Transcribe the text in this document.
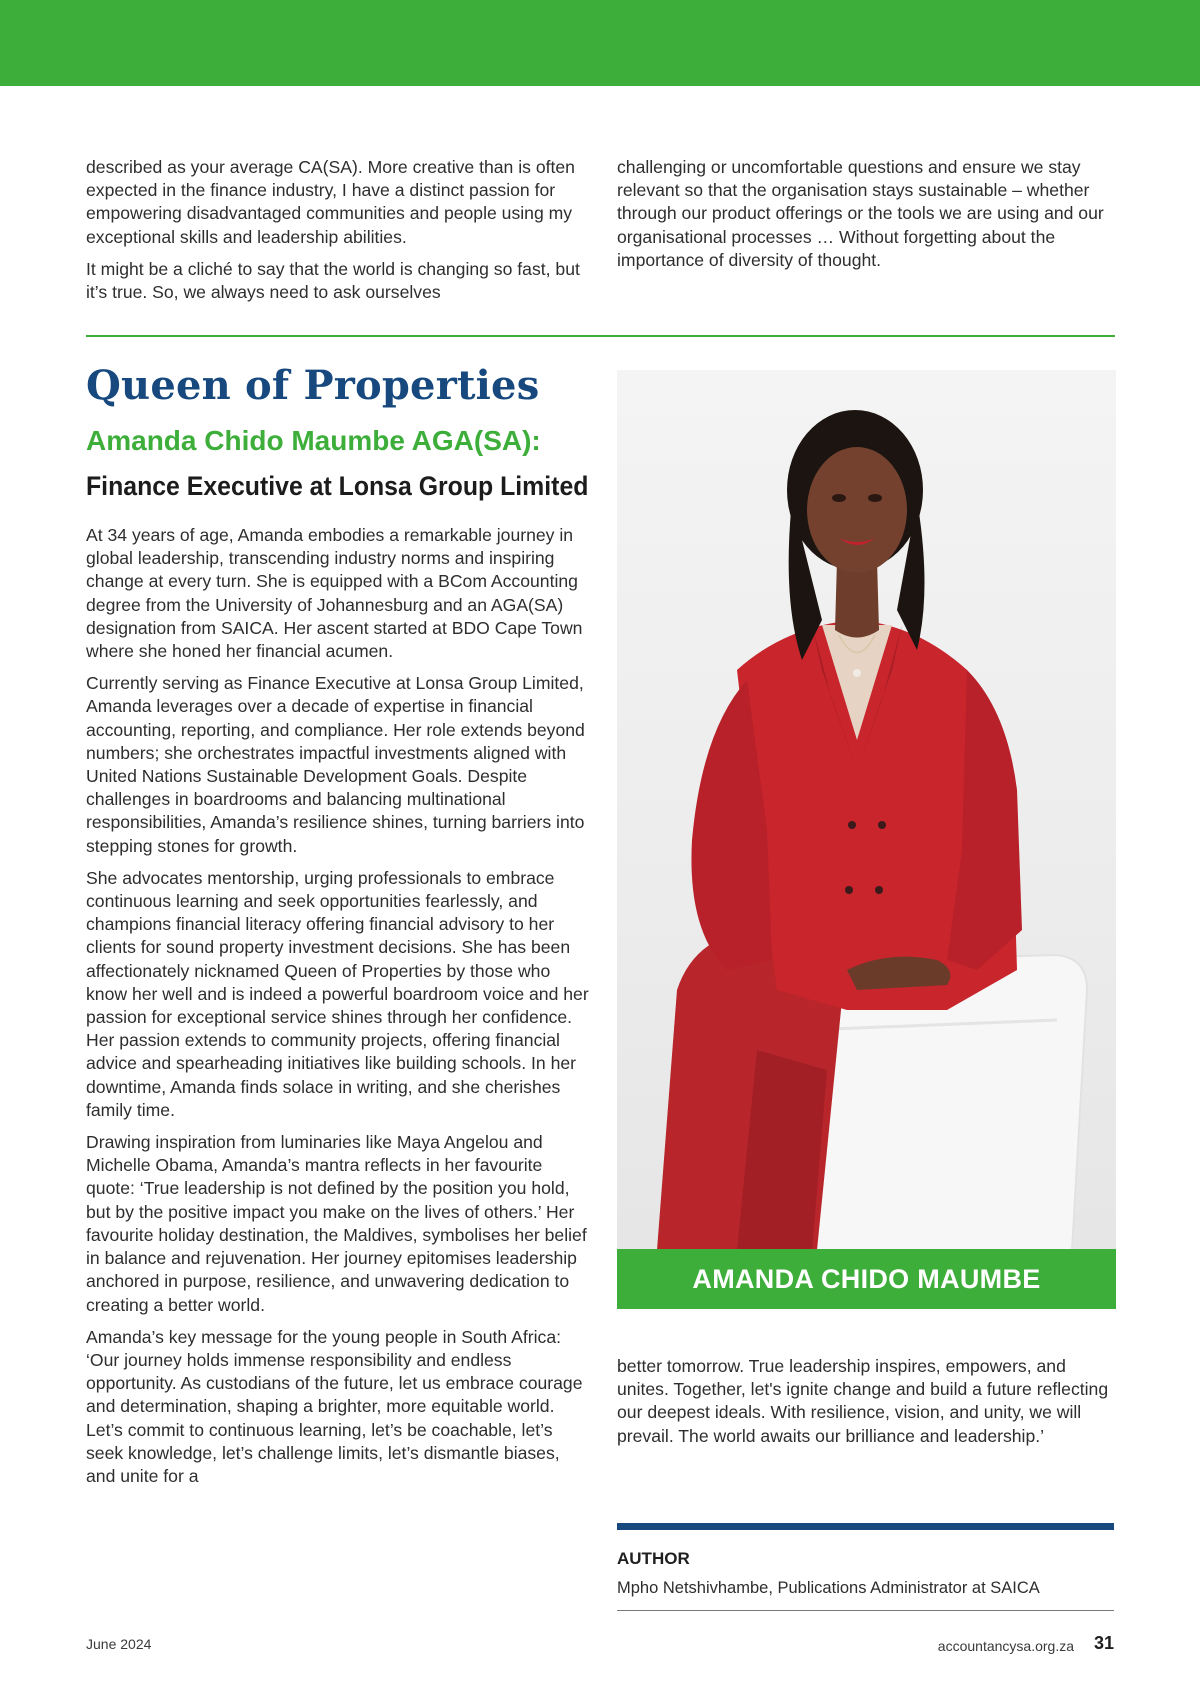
described as your average CA(SA). More creative than is often expected in the finance industry, I have a distinct passion for empowering disadvantaged communities and people using my exceptional skills and leadership abilities.

It might be a cliché to say that the world is changing so fast, but it’s true. So, we always need to ask ourselves

challenging or uncomfortable questions and ensure we stay relevant so that the organisation stays sustainable – whether through our product offerings or the tools we are using and our organisational processes … Without forgetting about the importance of diversity of thought.

Queen of Properties
Amanda Chido Maumbe AGA(SA):
Finance Executive at Lonsa Group Limited

At 34 years of age, Amanda embodies a remarkable journey in global leadership, transcending industry norms and inspiring change at every turn. She is equipped with a BCom Accounting degree from the University of Johannesburg and an AGA(SA) designation from SAICA. Her ascent started at BDO Cape Town where she honed her financial acumen.

Currently serving as Finance Executive at Lonsa Group Limited, Amanda leverages over a decade of expertise in financial accounting, reporting, and compliance. Her role extends beyond numbers; she orchestrates impactful investments aligned with United Nations Sustainable Development Goals. Despite challenges in boardrooms and balancing multinational responsibilities, Amanda’s resilience shines, turning barriers into stepping stones for growth.

She advocates mentorship, urging professionals to embrace continuous learning and seek opportunities fearlessly, and champions financial literacy offering financial advisory to her clients for sound property investment decisions. She has been affectionately nicknamed Queen of Properties by those who know her well and is indeed a powerful boardroom voice and her passion for exceptional service shines through her confidence. Her passion extends to community projects, offering financial advice and spearheading initiatives like building schools. In her downtime, Amanda finds solace in writing, and she cherishes family time.

Drawing inspiration from luminaries like Maya Angelou and Michelle Obama, Amanda’s mantra reflects in her favourite quote: ‘True leadership is not defined by the position you hold, but by the positive impact you make on the lives of others.’ Her favourite holiday destination, the Maldives, symbolises her belief in balance and rejuvenation. Her journey epitomises leadership anchored in purpose, resilience, and unwavering dedication to creating a better world.

Amanda’s key message for the young people in South Africa: ‘Our journey holds immense responsibility and endless opportunity. As custodians of the future, let us embrace courage and determination, shaping a brighter, more equitable world. Let’s commit to continuous learning, let’s be coachable, let’s seek knowledge, let’s challenge limits, let’s dismantle biases, and unite for a

AMANDA CHIDO MAUMBE

better tomorrow. True leadership inspires, empowers, and unites. Together, let's ignite change and build a future reflecting our deepest ideals. With resilience, vision, and unity, we will prevail. The world awaits our brilliance and leadership.’

AUTHOR

Mpho Netshivhambe, Publications Administrator at SAICA

June 2024	accountancysa.org.za 31
